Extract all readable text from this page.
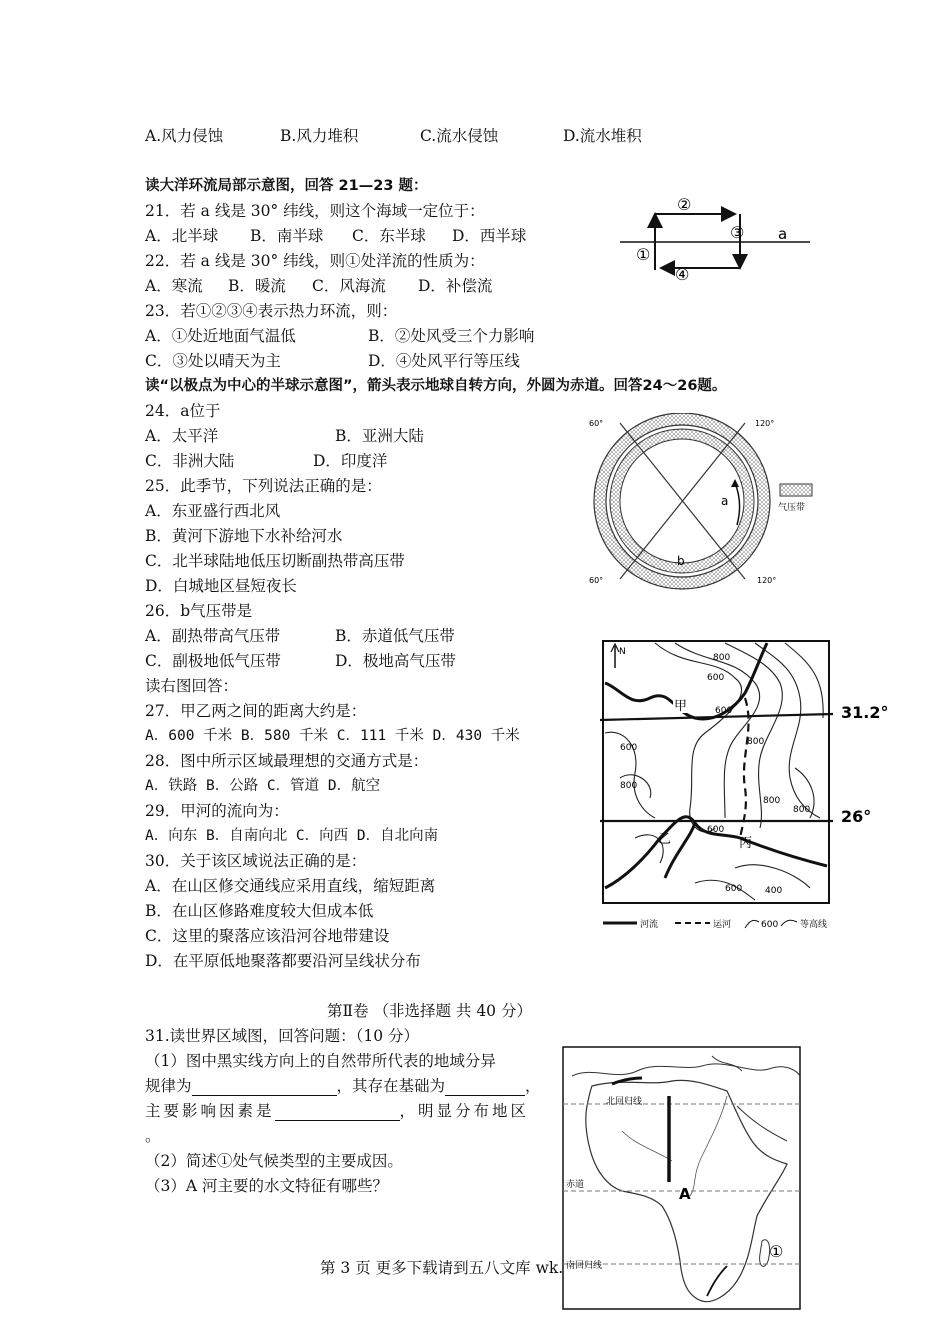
A.风力侵蚀	B.风力堆积	C.流水侵蚀	D.流水堆积
读大洋环流局部示意图，回答 21—23 题：
21．若 a 线是 30° 纬线，则这个海域一定位于：
A．北半球 B．南半球 C．东半球 D．西半球
22．若 a 线是 30° 纬线，则①处洋流的性质为：
A．寒流 B．暖流 C．风海流 D．补偿流
23．若①②③④表示热力环流，则：
A．①处近地面气温低	B．②处风受三个力影响
C．③处以晴天为主	D．④处风平行等压线
②
③
①
④
a
读“以极点为中心的半球示意图”，箭头表示地球自转方向，外圆为赤道。回答24～26题。
24．a位于
A．太平洋	B．亚洲大陆
C．非洲大陆	D．印度洋
25．此季节，下列说法正确的是：
A．东亚盛行西北风
B．黄河下游地下水补给河水
C．北半球陆地低压切断副热带高压带
D．白城地区昼短夜长
26．b气压带是
A．副热带高气压带	B．赤道低气压带
C．副极地低气压带	D．极地高气压带
a
b
60°	120°
60°	120°
气压带
读右图回答：
27．甲乙两之间的距离大约是：
A．600 千米 B．580 千米 C．111 千米 D．430 千米
28．图中所示区域最理想的交通方式是：
A．铁路 B．公路 C．管道 D．航空
29．甲河的流向为：
A．向东 B．自南向北 C．向西 D．自北向南
30．关于该区域说法正确的是：
A．在山区修交通线应采用直线，缩短距离
B．在山区修路难度较大但成本低
C．这里的聚落应该沿河谷地带建设
D．在平原低地聚落都要沿河呈线状分布
N
甲
乙	丙
800
600
600
800
800
800
600
600	400
800
600	31.2°
26°
河流	运河	600 等高线
第Ⅱ卷 （非选择题 共 40 分）
31.读世界区域图，回答问题：（10 分）
（1）图中黑实线方向上的自然带所代表的地域分异
规律为	，其存在基础为	，
主要影响因素是	，明显分布地区
。
（2）简述①处气候类型的主要成因。
（3）A 河主要的水文特征有哪些？
北回归线
赤道
南回归线
A
①
第 3 页 更多下载请到五八文库 wk.
